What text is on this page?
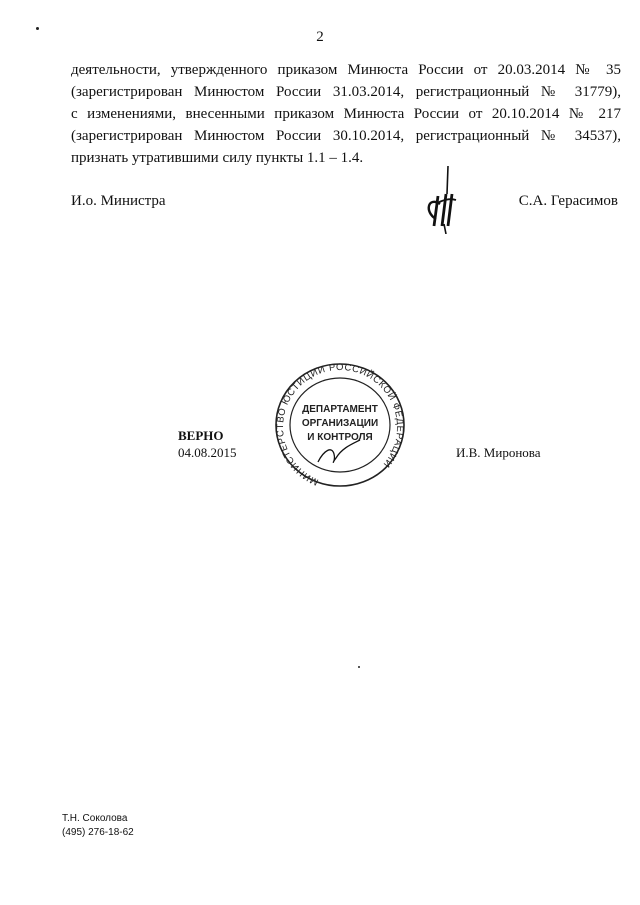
2
деятельности, утвержденного приказом Минюста России от 20.03.2014 № 35
(зарегистрирован Минюстом России 31.03.2014, регистрационный № 31779),
с изменениями, внесенными приказом Минюста России от 20.10.2014 № 217
(зарегистрирован Минюстом России 30.10.2014, регистрационный № 34537),
признать утратившими силу пункты 1.1 – 1.4.
И.о. Министра	С.А. Герасимов
ВЕРНО
04.08.2015
МИНИСТЕРСТВО ЮСТИЦИИ РОССИЙСКОЙ ФЕДЕРАЦИИ
ДЕПАРТАМЕНТ
ОРГАНИЗАЦИИ
И КОНТРОЛЯ
И.В. Миронова
Т.Н. Соколова
(495) 276-18-62
